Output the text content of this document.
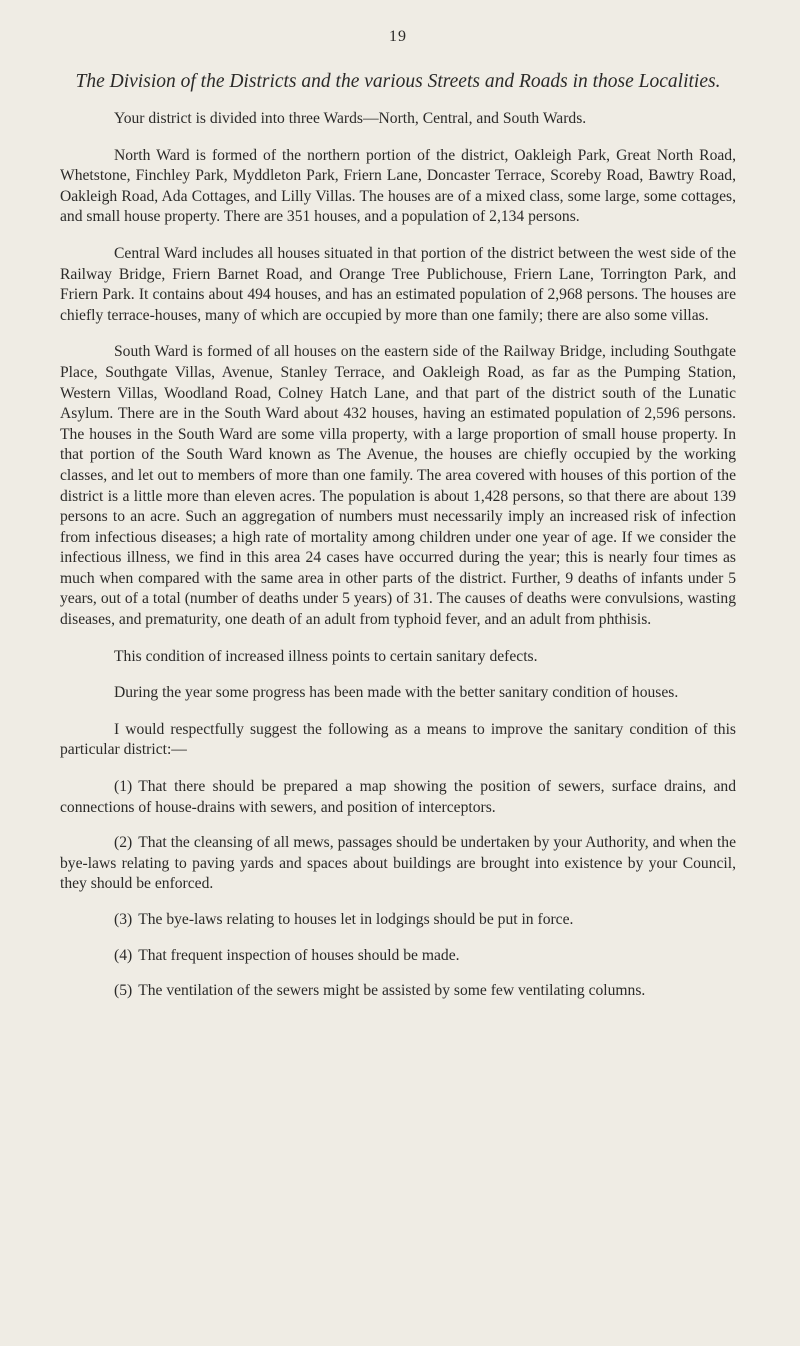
19
The Division of the Districts and the various Streets and Roads in those Localities.

Your district is divided into three Wards—North, Central, and South Wards.

North Ward is formed of the northern portion of the district, Oakleigh Park, Great North Road, Whetstone, Finchley Park, Myddleton Park, Friern Lane, Doncaster Terrace, Scoreby Road, Bawtry Road, Oakleigh Road, Ada Cottages, and Lilly Villas. The houses are of a mixed class, some large, some cottages, and small house property. There are 351 houses, and a population of 2,134 persons.

Central Ward includes all houses situated in that portion of the district between the west side of the Railway Bridge, Friern Barnet Road, and Orange Tree Publichouse, Friern Lane, Torrington Park, and Friern Park. It contains about 494 houses, and has an estimated population of 2,968 persons. The houses are chiefly terrace-houses, many of which are occupied by more than one family; there are also some villas.

South Ward is formed of all houses on the eastern side of the Railway Bridge, including Southgate Place, Southgate Villas, Avenue, Stanley Terrace, and Oakleigh Road, as far as the Pumping Station, Western Villas, Woodland Road, Colney Hatch Lane, and that part of the district south of the Lunatic Asylum. There are in the South Ward about 432 houses, having an estimated population of 2,596 persons. The houses in the South Ward are some villa property, with a large proportion of small house property. In that portion of the South Ward known as The Avenue, the houses are chiefly occupied by the working classes, and let out to members of more than one family. The area covered with houses of this portion of the district is a little more than eleven acres. The population is about 1,428 persons, so that there are about 139 persons to an acre. Such an aggregation of numbers must necessarily imply an increased risk of infection from infectious diseases; a high rate of mortality among children under one year of age. If we consider the infectious illness, we find in this area 24 cases have occurred during the year; this is nearly four times as much when compared with the same area in other parts of the district. Further, 9 deaths of infants under 5 years, out of a total (number of deaths under 5 years) of 31. The causes of deaths were convulsions, wasting diseases, and prematurity, one death of an adult from typhoid fever, and an adult from phthisis.

This condition of increased illness points to certain sanitary defects.

During the year some progress has been made with the better sanitary condition of houses.

I would respectfully suggest the following as a means to improve the sanitary condition of this particular district:—

(1) That there should be prepared a map showing the position of sewers, surface drains, and connections of house-drains with sewers, and position of interceptors.

(2) That the cleansing of all mews, passages should be undertaken by your Authority, and when the bye-laws relating to paving yards and spaces about buildings are brought into existence by your Council, they should be enforced.

(3) The bye-laws relating to houses let in lodgings should be put in force.

(4) That frequent inspection of houses should be made.

(5) The ventilation of the sewers might be assisted by some few ventilating columns.
